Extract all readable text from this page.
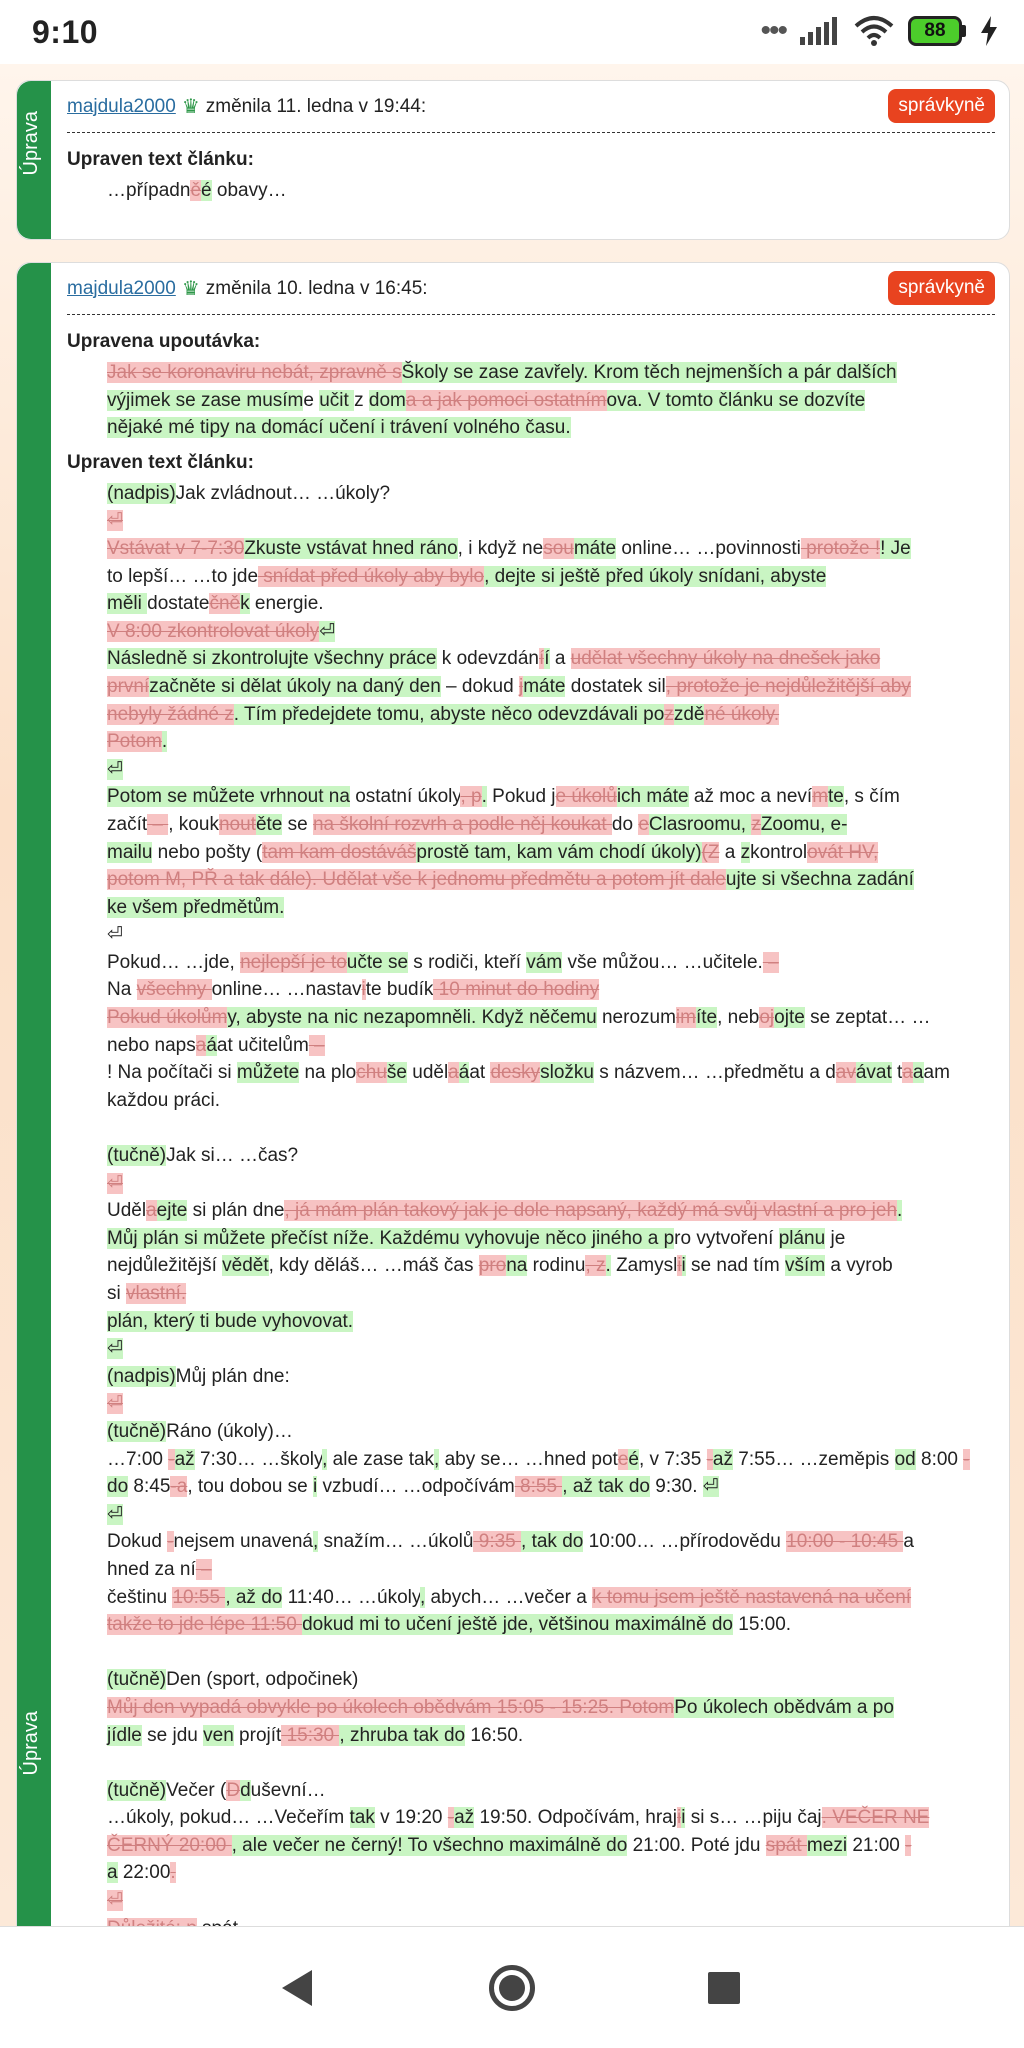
9:10	•••	88
Úprava
majdula2000 ♛ změnila 11. ledna v 19:44:	správkyně
Upraven text článku:

…případněé obavy…

Úprava
majdula2000 ♛ změnila 10. ledna v 16:45:	správkyně
Upravena upoutávka:

Jak se koronaviru nebát, zpravně sŠkoly se zase zavřely. Krom těch nejmenších a pár dalších

výjimek se zase musíme učit z doma a jak pomoci ostatnímova. V tomto článku se dozvíte

nějaké mé tipy na domácí učení i trávení volného času.

Upraven text článku:

(nadpis)Jak zvládnout… …úkoly?

⏎

Vstávat v 7-7:30Zkuste vstávat hned ráno, i když nesoumáte online… …povinnosti protože !! Je

to lepší… …to jde snídat před úkoly aby bylo, dejte si ještě před úkoly snídani, abyste

měli dostatečněk energie.

V 8:00 zkontrolovat úkoly⏎

Následně si zkontrolujte všechny práce k odevzdáníí a udělat všechny úkoly na dnešek jako

prvnízačněte si dělat úkoly na daný den – dokud jmáte dostatek sil, protože je nejdůležitější aby

nebyly žádné z. Tím předejdete tomu, abyste něco odevzdávali pozzděné úkoly.

Potom.

⏎

Potom se můžete vrhnout na ostatní úkoly, p. Pokud je úkolůich máte až moc a nevímte, s čím

začít – , kouknoutěte se na školní rozvrh a podle něj koukat do eClasroomu, zZoomu, e-

mailu nebo pošty (tam kam dostávášprostě tam, kam vám chodí úkoly)(Z a zkontrolovát HV,

potom M, PŘ a tak dále). Udělat vše k jednomu předmětu a potom jít daleujte si všechna zadání

ke všem předmětům.

⏎

Pokud… …jde, nejlepší je toučte se s rodiči, kteří vám vše můžou… …učitele. –

Na všechny online… …nastavite budík 10 minut do hodiny

Pokud úkolůmy, abyste na nic nezapomněli. Když něčemu nerozumimíte, nebojojte se zeptat… …

nebo napsaáat učitelům –

! Na počítači si můžete na plochuše udělaáat deskysložku s názvem… …předmětu a davávat taaam

každou práci.

(tučně)Jak si… …čas?

⏎

Udělaejte si plán dne, já mám plán takový jak je dole napsaný, každý má svůj vlastní a pro jeh.

Můj plán si můžete přečíst níže. Každému vyhovuje něco jiného a pro vytvoření plánu je

nejdůležitější vědět, kdy děláš… …máš čas prona rodinu, z. Zamyslii se nad tím vším a vyrob

si vlastní.

plán, který ti bude vyhovovat.

⏎

(nadpis)Můj plán dne:

⏎

(tučně)Ráno (úkoly)…

…7:00 -až 7:30… …školy, ale zase tak, aby se… …hned poteé, v 7:35 -až 7:55… …zeměpis od 8:00 -

do 8:45-a, tou dobou se i vzbudí… …odpočívám 8:55 , až tak do 9:30. ⏎

⏎

Dokud -nejsem unavená, snažím… …úkolů 9:35 , tak do 10:00… …přírodovědu 10:00 - 10:45 a

hned za ní –

češtinu 10:55 , až do 11:40… …úkoly, abych… …večer a k tomu jsem ještě nastavená na učení

takže to jde lépe 11:50 dokud mi to učení ještě jde, většinou maximálně do 15:00.

(tučně)Den (sport, odpočinek)

Můj den vypadá obvykle po úkolech obědvám 15:05 - 15:25. PotomPo úkolech obědvám a po

jídle se jdu ven projít 15:30 , zhruba tak do 16:50.

(tučně)Večer (Dduševní…

…úkoly, pokud… …Večeřím tak v 19:20 -až 19:50. Odpočívám, hrajii si s… …piju čaj. VEČER NE

ČERNÝ 20:00 , ale večer ne černý! To všechno maximálně do 21:00. Poté jdu spát mezi 21:00 -

a 22:00.

⏎
